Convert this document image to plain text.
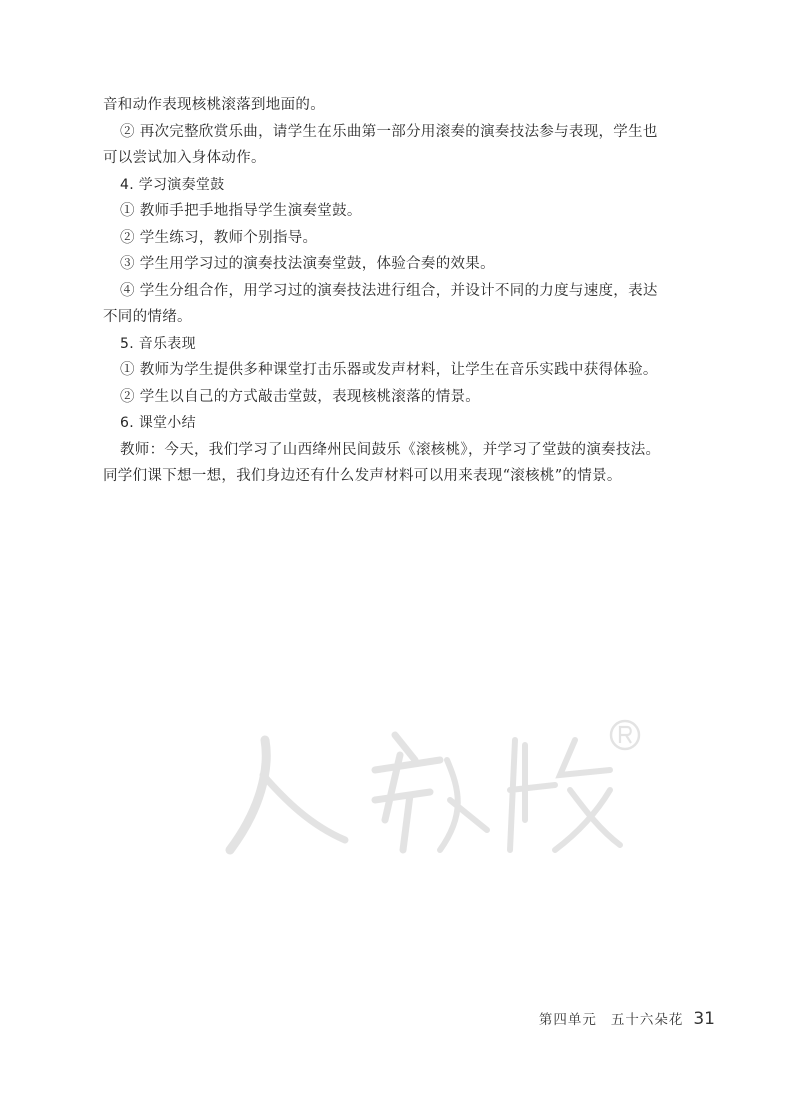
音和动作表现核桃滚落到地面的。
② 再次完整欣赏乐曲，请学生在乐曲第一部分用滚奏的演奏技法参与表现，学生也
可以尝试加入身体动作。
4. 学习演奏堂鼓
① 教师手把手地指导学生演奏堂鼓。
② 学生练习，教师个别指导。
③ 学生用学习过的演奏技法演奏堂鼓，体验合奏的效果。
④ 学生分组合作，用学习过的演奏技法进行组合，并设计不同的力度与速度，表达
不同的情绪。
5. 音乐表现
① 教师为学生提供多种课堂打击乐器或发声材料，让学生在音乐实践中获得体验。
② 学生以自己的方式敲击堂鼓，表现核桃滚落的情景。
6. 课堂小结
教师：今天，我们学习了山西绛州民间鼓乐《滚核桃》，并学习了堂鼓的演奏技法。
同学们课下想一想，我们身边还有什么发声材料可以用来表现“滚核桃”的情景。
第四单元 五十六朵花 31
